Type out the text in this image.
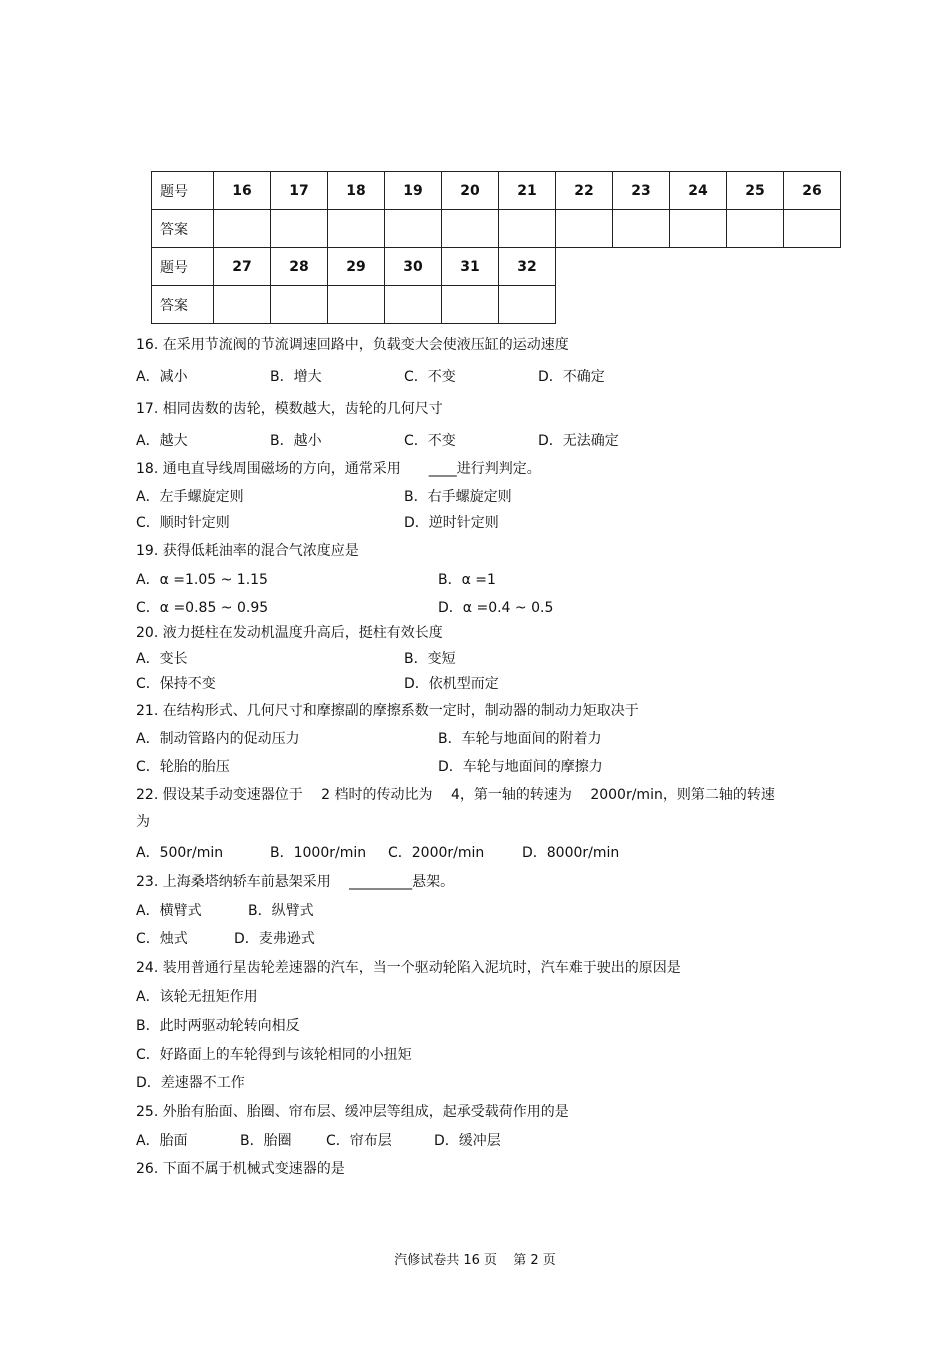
题号	16	17	18	19	20	21	22	23	24	25	26
答案											
题号	27	28	29	30	31	32					
答案											
16. 在采用节流阀的节流调速回路中，负载变大会使液压缸的运动速度
A．减小	B．增大	C．不变	D．不确定
17. 相同齿数的齿轮，模数越大，齿轮的几何尺寸
A．越大	B．越小	C．不变	D．无法确定
18. 通电直导线周围磁场的方向，通常采用　　____进行判判定。
A．左手螺旋定则	B．右手螺旋定则
C．顺时针定则	D．逆时针定则
19. 获得低耗油率的混合气浓度应是
A．α =1.05 ~ 1.15	B．α =1
C．α =0.85 ~ 0.95	D．α =0.4 ~ 0.5
20. 液力挺柱在发动机温度升高后，挺柱有效长度
A．变长	B．变短
C．保持不变	D．依机型而定
21. 在结构形式、几何尺寸和摩擦副的摩擦系数一定时，制动器的制动力矩取决于
A．制动管路内的促动压力	B．车轮与地面间的附着力
C．轮胎的胎压	D．车轮与地面间的摩擦力
22. 假设某手动变速器位于　 2 档时的传动比为　 4，第一轴的转速为　 2000r/min，则第二轴的转速
为
A．500r/min	B．1000r/min C．2000r/min	D．8000r/min
23. 上海桑塔纳轿车前悬架采用　 _________悬架。
A．横臂式	B．纵臂式
C．烛式	D．麦弗逊式
24. 装用普通行星齿轮差速器的汽车，当一个驱动轮陷入泥坑时，汽车难于驶出的原因是
A．该轮无扭矩作用
B．此时两驱动轮转向相反
C．好路面上的车轮得到与该轮相同的小扭矩
D．差速器不工作
25. 外胎有胎面、胎圈、帘布层、缓冲层等组成，起承受载荷作用的是
A．胎面	B．胎圈 C．帘布层	D．缓冲层
26. 下面不属于机械式变速器的是
汽修试卷共 16 页 第 2 页
